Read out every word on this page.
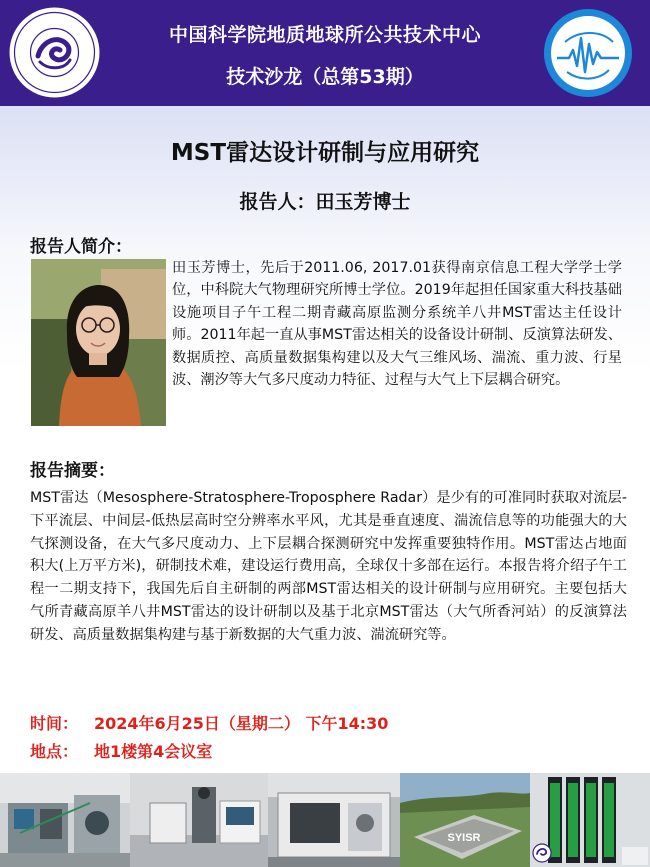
中国科学院地质地球所公共技术中心
技术沙龙（总第53期）
MST雷达设计研制与应用研究
报告人：田玉芳博士
报告人简介：
田玉芳博士，先后于2011.06, 2017.01获得南京信息工程大学学士学位，中科院大气物理研究所博士学位。2019年起担任国家重大科技基础设施项目子午工程二期青藏高原监测分系统羊八井MST雷达主任设计师。2011年起一直从事MST雷达相关的设备设计研制、反演算法研发、数据质控、高质量数据集构建以及大气三维风场、湍流、重力波、行星波、潮汐等大气多尺度动力特征、过程与大气上下层耦合研究。
报告摘要：
MST雷达（Mesosphere-Stratosphere-Troposphere Radar）是少有的可准同时获取对流层-下平流层、中间层-低热层高时空分辨率水平风，尤其是垂直速度、湍流信息等的功能强大的大气探测设备，在大气多尺度动力、上下层耦合探测研究中发挥重要独特作用。MST雷达占地面积大(上万平方米)，研制技术难，建设运行费用高，全球仅十多部在运行。本报告将介绍子午工程一二期支持下，我国先后自主研制的两部MST雷达相关的设计研制与应用研究。主要包括大气所青藏高原羊八井MST雷达的设计研制以及基于北京MST雷达（大气所香河站）的反演算法研发、高质量数据集构建与基于新数据的大气重力波、湍流研究等。
时间： 2024年6月25日（星期二） 下午14:30
地点： 地1楼第4会议室
SYISR
